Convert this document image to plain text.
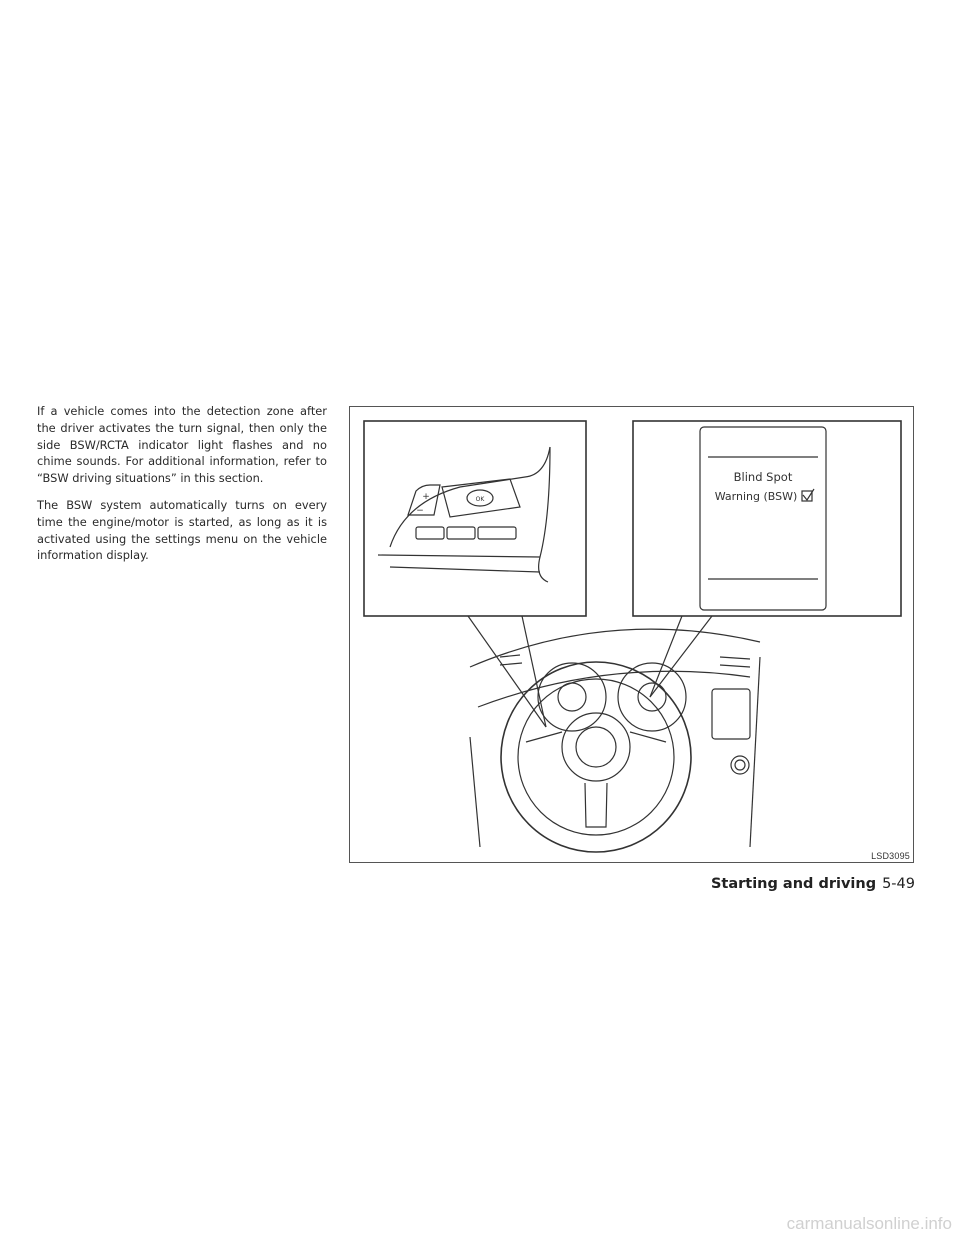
If a vehicle comes into the detection zone after the driver activates the turn signal, then only the side BSW/RCTA indicator light flashes and no chime sounds. For additional information, refer to “BSW driving situations” in this section.

The BSW system automatically turns on every time the engine/motor is started, as long as it is activated using the settings menu on the vehicle information display.

Blind Spot
Warning (BSW)
OK
+
−
LSD3095
Starting and driving 5-49
carmanualsonline.info
